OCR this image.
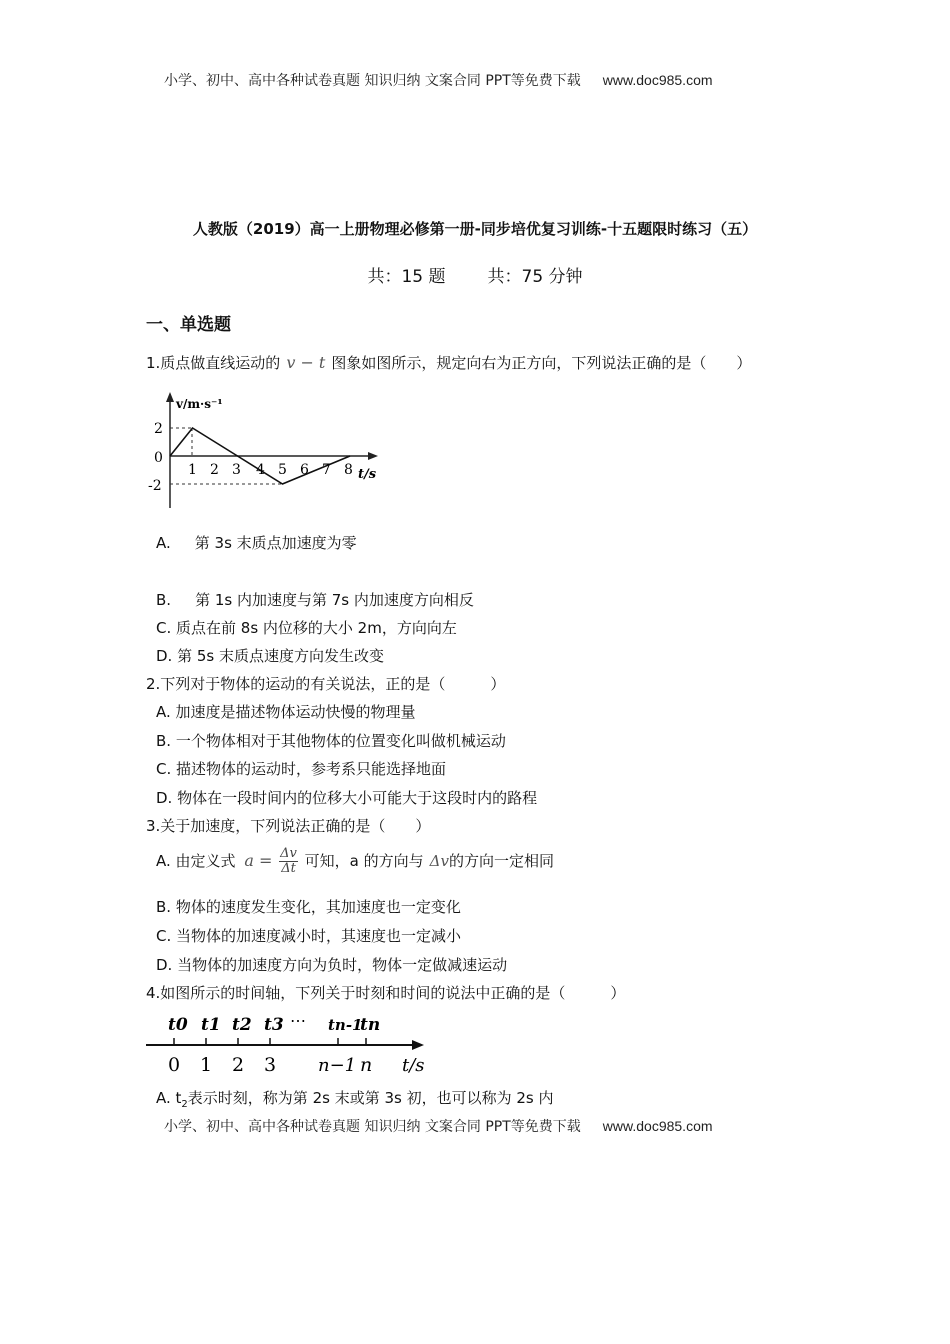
小学、初中、高中各种试卷真题 知识归纳 文案合同 PPT等免费下载 www.doc985.com
人教版（2019）高一上册物理必修第一册-同步培优复习训练-十五题限时练习（五）
共：15 题 共：75 分钟
一、单选题
1.质点做直线运动的 v − t 图象如图所示，规定向右为正方向，下列说法正确的是（　　）
v/m·s⁻¹
2
0
-2
1 2 3 4 5 6 7 8 t/s
A. 第 3s 末质点加速度为零
B. 第 1s 内加速度与第 7s 内加速度方向相反
C. 质点在前 8s 内位移的大小 2m，方向向左
D. 第 5s 末质点速度方向发生改变
2.下列对于物体的运动的有关说法，正的是（　　　）
A. 加速度是描述物体运动快慢的物理量
B. 一个物体相对于其他物体的位置变化叫做机械运动
C. 描述物体的运动时，参考系只能选择地面
D. 物体在一段时间内的位移大小可能大于这段时内的路程
3.关于加速度，下列说法正确的是（　　）
A. 由定义式 $a = \frac{\Delta v}{\Delta t}$ 可知，a 的方向与 Δv的方向一定相同
B. 物体的速度发生变化，其加速度也一定变化
C. 当物体的加速度减小时，其速度也一定减小
D. 当物体的加速度方向为负时，物体一定做减速运动
4.如图所示的时间轴，下列关于时刻和时间的说法中正确的是（　　　）
t0 t1 t2 t3 ⋯ tn-1
tn
0 1 2 3 n−1 n t/s
A. $t_2$表示时刻，称为第 2s 末或第 3s 初，也可以称为 2s 内
小学、初中、高中各种试卷真题 知识归纳 文案合同 PPT等免费下载 www.doc985.com
